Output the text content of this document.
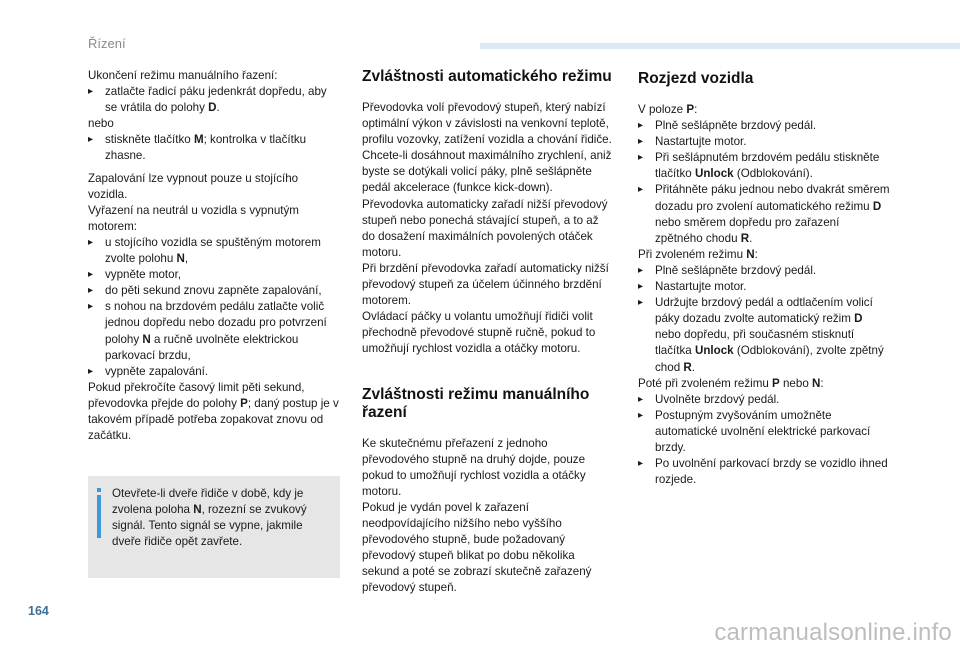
Řízení
Ukončení režimu manuálního řazení:
▸ zatlačte řadicí páku jedenkrát dopředu, aby se vrátila do polohy D.
nebo
▸ stiskněte tlačítko M; kontrolka v tlačítku zhasne.
Zapalování lze vypnout pouze u stojícího vozidla.
Vyřazení na neutrál u vozidla s vypnutým motorem:
▸ u stojícího vozidla se spuštěným motorem zvolte polohu N,
▸ vypněte motor,
▸ do pěti sekund znovu zapněte zapalování,
▸ s nohou na brzdovém pedálu zatlačte volič jednou dopředu nebo dozadu pro potvrzení polohy N a ručně uvolněte elektrickou parkovací brzdu,
▸ vypněte zapalování.
Pokud překročíte časový limit pěti sekund, převodovka přejde do polohy P; daný postup je v takovém případě potřeba zopakovat znovu od začátku.
Otevřete-li dveře řidiče v době, kdy je zvolena poloha N, rozezní se zvukový signál. Tento signál se vypne, jakmile dveře řidiče opět zavřete.
Zvláštnosti automatického režimu
Převodovka volí převodový stupeň, který nabízí optimální výkon v závislosti na venkovní teplotě, profilu vozovky, zatížení vozidla a chování řidiče.
Chcete-li dosáhnout maximálního zrychlení, aniž byste se dotýkali volicí páky, plně sešlápněte pedál akcelerace (funkce kick-down). Převodovka automaticky zařadí nižší převodový stupeň nebo ponechá stávající stupeň, a to až do dosažení maximálních povolených otáček motoru.
Při brzdění převodovka zařadí automaticky nižší převodový stupeň za účelem účinného brzdění motorem.
Ovládací páčky u volantu umožňují řidiči volit přechodně převodové stupně ručně, pokud to umožňují rychlost vozidla a otáčky motoru.
Zvláštnosti režimu manuálního řazení
Ke skutečnému přeřazení z jednoho převodového stupně na druhý dojde, pouze pokud to umožňují rychlost vozidla a otáčky motoru.
Pokud je vydán povel k zařazení neodpovídajícího nižšího nebo vyššího převodového stupně, bude požadovaný převodový stupeň blikat po dobu několika sekund a poté se zobrazí skutečně zařazený převodový stupeň.
Rozjezd vozidla
V poloze P:
▸ Plně sešlápněte brzdový pedál.
▸ Nastartujte motor.
▸ Při sešlápnutém brzdovém pedálu stiskněte tlačítko Unlock (Odblokování).
▸ Přitáhněte páku jednou nebo dvakrát směrem dozadu pro zvolení automatického režimu D nebo směrem dopředu pro zařazení zpětného chodu R.
Při zvoleném režimu N:
▸ Plně sešlápněte brzdový pedál.
▸ Nastartujte motor.
▸ Udržujte brzdový pedál a odtlačením volicí páky dozadu zvolte automatický režim D nebo dopředu, při současném stisknutí tlačítka Unlock (Odblokování), zvolte zpětný chod R.
Poté při zvoleném režimu P nebo N:
▸ Uvolněte brzdový pedál.
▸ Postupným zvyšováním umožněte automatické uvolnění elektrické parkovací brzdy.
▸ Po uvolnění parkovací brzdy se vozidlo ihned rozjede.
164
carmanualsonline.info
